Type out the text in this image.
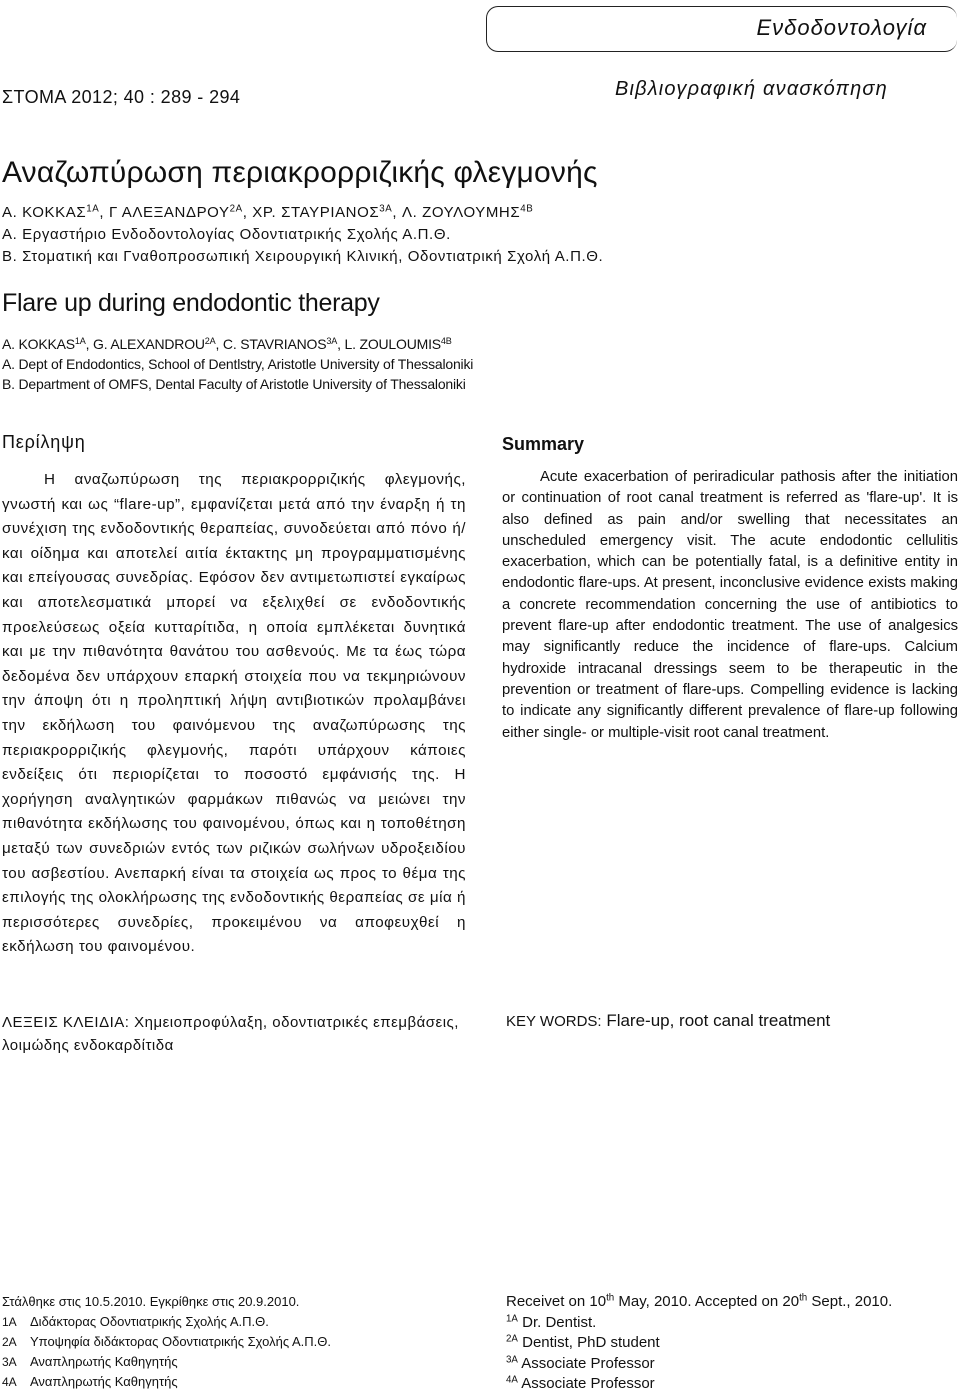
Ενδοδοντολογία
ΣΤΟΜΑ 2012; 40 : 289 - 294	Βιβλιογραφική ανασκόπηση
Αναζωπύρωση περιακρορριζικής φλεγμονής
Α. $KOKKA\Sigma^{1A}$, Γ $A\Lambda E\Xi AN\Delta PO\Upsilon^{2A}$, ΧΡ. $\Sigma TA\Upsilon PIANO\Sigma^{3A}$, Λ. $ZO\Upsilon\Lambda O\Upsilon MH\Sigma^{4B}$
Α. Εργαστήριο Ενδοδοντολογίας Οδοντιατρικής Σχολής Α.Π.Θ.
Β. Στοματική και Γναθοπροσωπική Χειρουργική Κλινική, Οδοντιατρική Σχολή Α.Π.Θ.
Flare up during endodontic therapy
A. $KOKKAS^{1A}$, G. $ALEXANDROU^{2A}$, C. $STAVRIANOS^{3A}$, L. $ZOULOUMIS^{4B}$
A. Dept of Endodontics, School of Dentlstry, Aristotle University of Thessaloniki
B. Department of OMFS, Dental Faculty of Aristotle University of Thessaloniki
Περίληψη

Η αναζωπύρωση της περιακρορριζικής φλεγμονής, γνωστή και ως “flare-up”, εμφανίζεται μετά από την έναρξη ή τη συνέχιση της ενδοδοντικής θεραπείας, συνοδεύεται από πόνο ή/και οίδημα και αποτελεί αιτία έκτακτης μη προγραμματισμένης και επείγουσας συνεδρίας. Εφόσον δεν αντιμετωπιστεί εγκαίρως και αποτελεσματικά μπορεί να εξελιχθεί σε ενδοδοντικής προελεύσεως οξεία κυτταρίτιδα, η οποία εμπλέκεται δυνητικά και με την πιθανότητα θανάτου του ασθενούς. Με τα έως τώρα δεδομένα δεν υπάρχουν επαρκή στοιχεία που να τεκμηριώνουν την άποψη ότι η προληπτική λήψη αντιβιοτικών προλαμβάνει την εκδήλωση του φαινόμενου της αναζωπύρωσης της περιακρορριζικής φλεγμονής, παρότι υπάρχουν κάποιες ενδείξεις ότι περιορίζεται το ποσοστό εμφάνισής της. Η χορήγηση αναλγητικών φαρμάκων πιθανώς να μειώνει την πιθανότητα εκδήλωσης του φαινομένου, όπως και η τοποθέτηση μεταξύ των συνεδριών εντός των ριζικών σωλήνων υδροξειδίου του ασβεστίου. Ανεπαρκή είναι τα στοιχεία ως προς το θέμα της επιλογής της ολοκλήρωσης της ενδοδοντικής θεραπείας σε μία ή περισσότερες συνεδρίες, προκειμένου να αποφευχθεί η εκδήλωση του φαινομένου.

Summary

Acute exacerbation of periradicular pathosis after the initiation or continuation of root canal treatment is referred as 'flare-up'. It is also defined as pain and/or swelling that necessitates an unscheduled emergency visit. The acute endodontic cellulitis exacerbation, which can be potentially fatal, is a definitive entity in endodontic flare-ups. At present, inconclusive evidence exists making a concrete recommendation concerning the use of antibiotics to prevent flare-up after endodontic treatment. The use of analgesics may significantly reduce the incidence of flare-ups. Calcium hydroxide intracanal dressings seem to be therapeutic in the prevention or treatment of flare-ups. Compelling evidence is lacking to indicate any significantly different prevalence of flare-up following either single- or multiple-visit root canal treatment.

ΛΕΞΕΙΣ ΚΛΕΙΔΙΑ: Χημειοπροφύλαξη, οδοντιατρικές επεμβάσεις, λοιμώδης ενδοκαρδίτιδα
KEY WORDS: Flare-up, root canal treatment
Στάλθηκε στις 10.5.2010. Εγκρίθηκε στις 20.9.2010.
1A Διδάκτορας Οδοντιατρικής Σχολής Α.Π.Θ.
2A Υποψηφία διδάκτορας Οδοντιατρικής Σχολής Α.Π.Θ.
3A Αναπληρωτής Καθηγητής
4A Αναπληρωτής Καθηγητής
Receivet on 10th May, 2010. Accepted on 20th Sept., 2010.
$^{1A}$ Dr. Dentist.
$^{2A}$ Dentist, PhD student
$^{3A}$ Associate Professor
$^{4A}$ Associate Professor
